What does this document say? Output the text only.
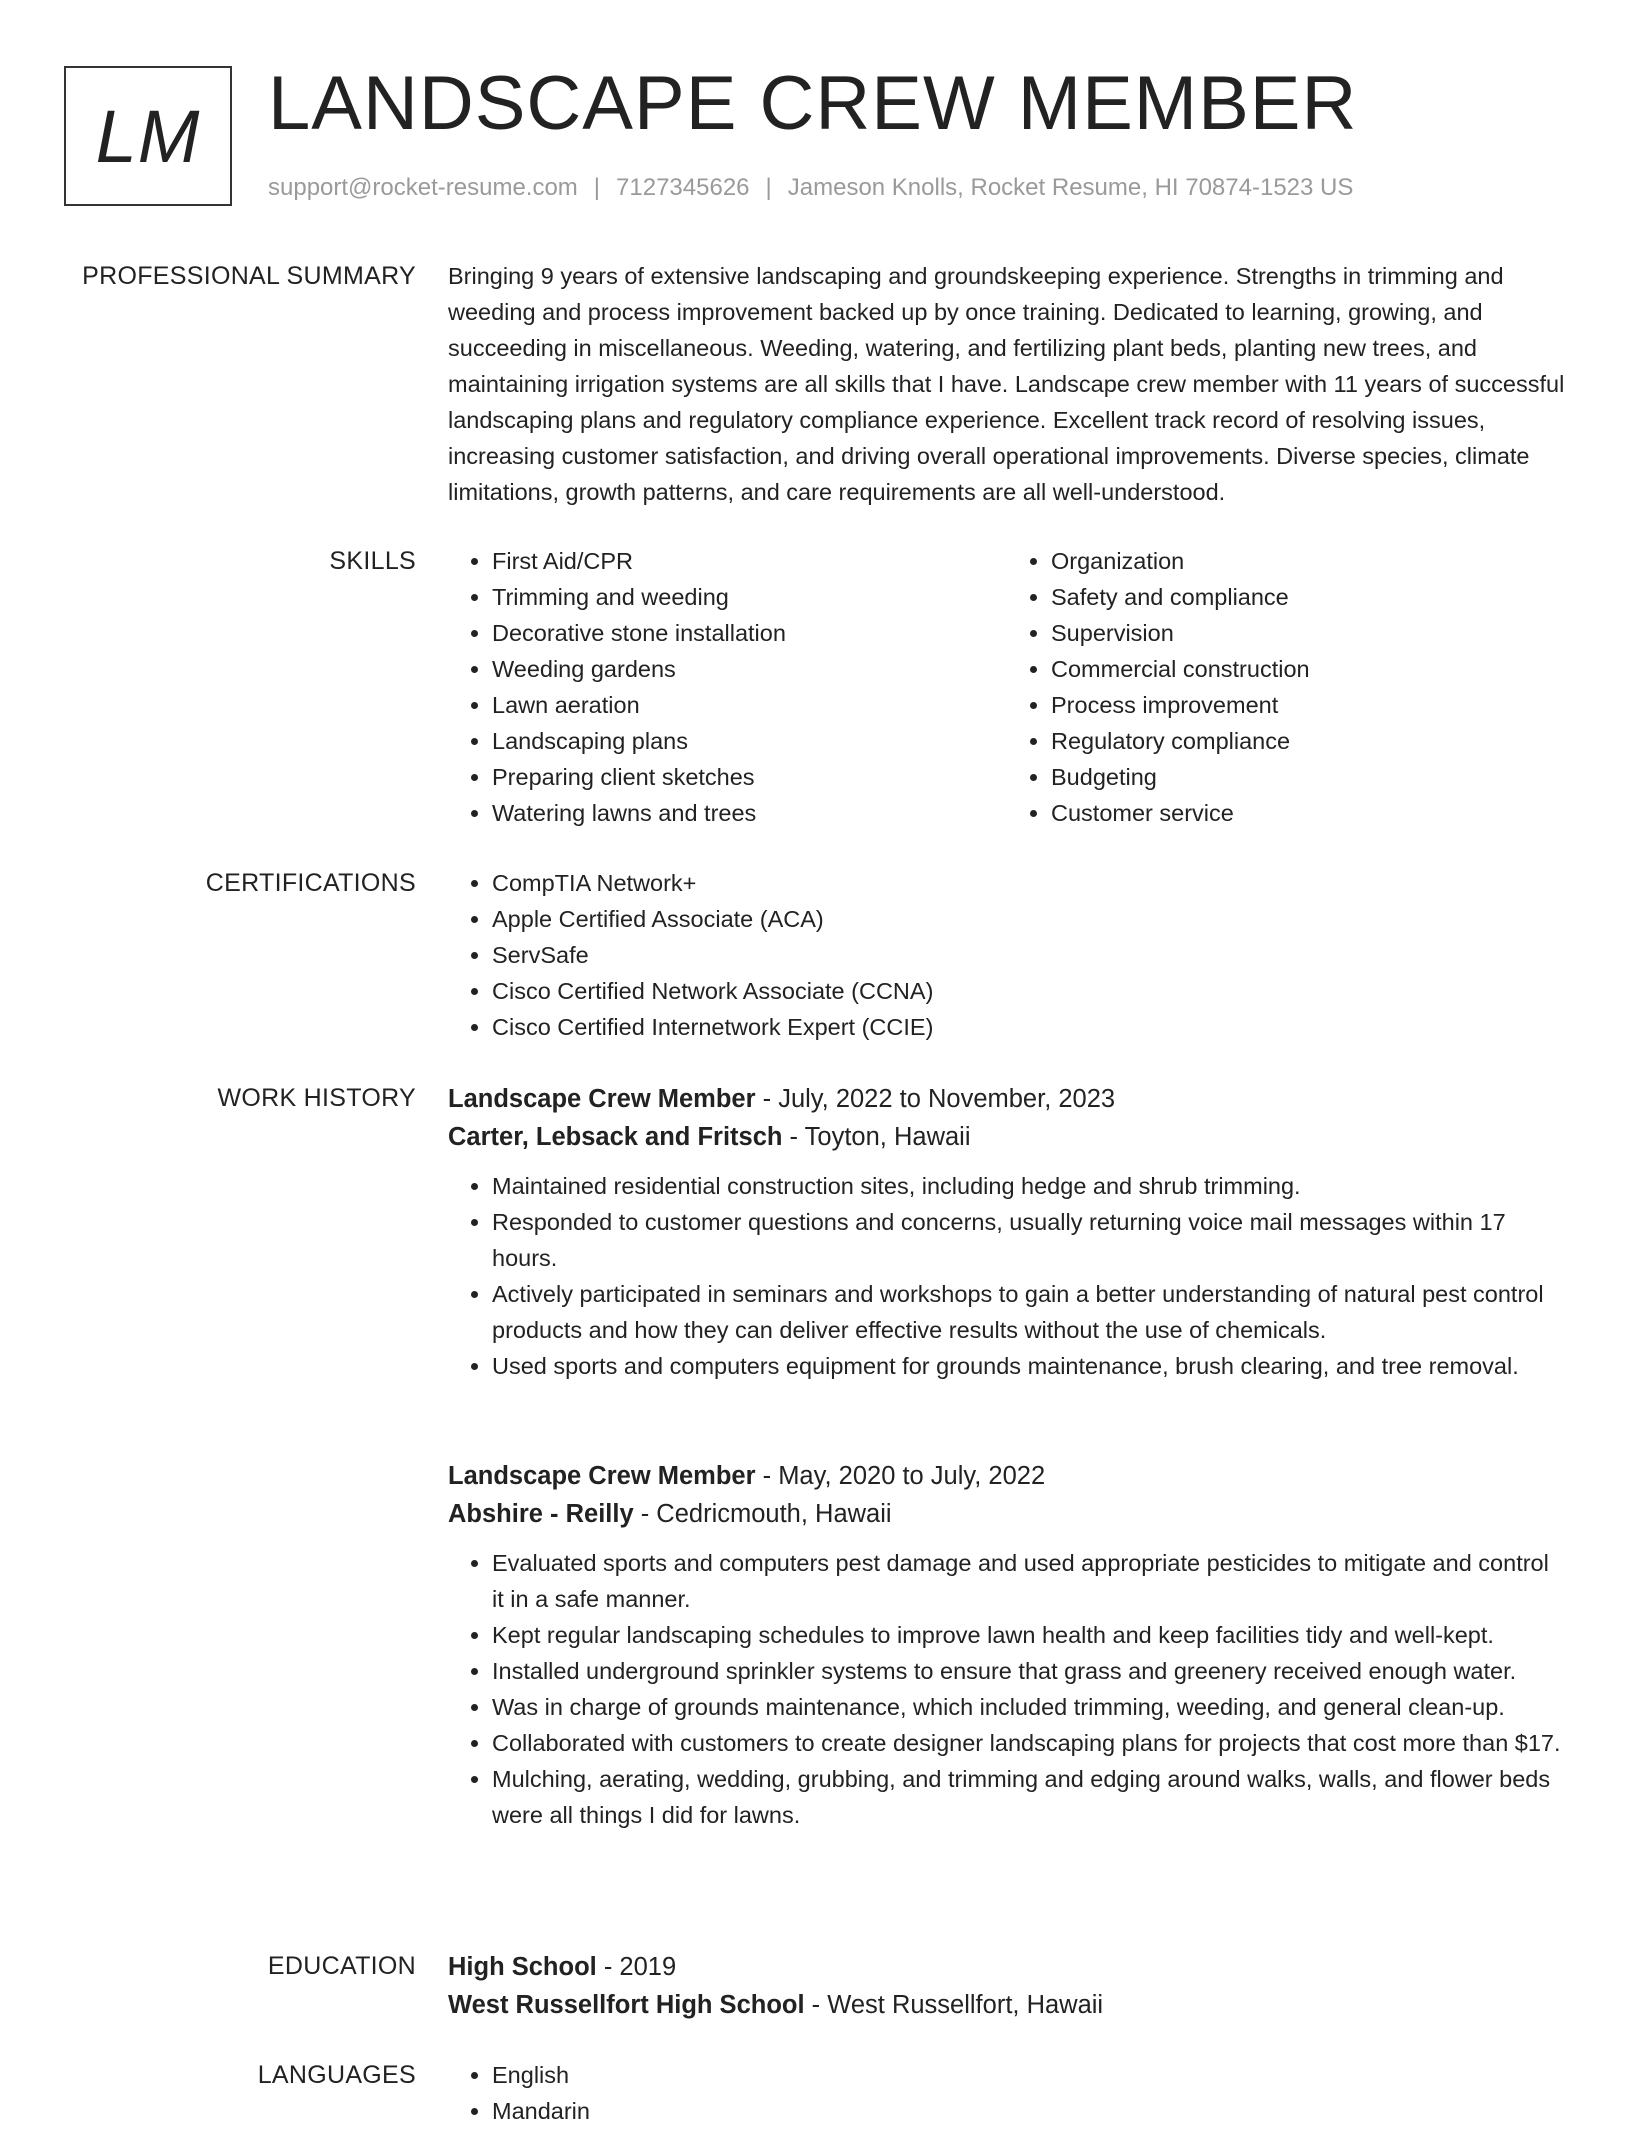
LM LANDSCAPE CREW MEMBER
support@rocket-resume.com | 7127345626 | Jameson Knolls, Rocket Resume, HI 70874-1523 US
PROFESSIONAL SUMMARY Bringing 9 years of extensive landscaping and groundskeeping experience. Strengths in trimming and weeding and process improvement backed up by once training. Dedicated to learning, growing, and succeeding in miscellaneous. Weeding, watering, and fertilizing plant beds, planting new trees, and maintaining irrigation systems are all skills that I have. Landscape crew member with 11 years of successful landscaping plans and regulatory compliance experience. Excellent track record of resolving issues, increasing customer satisfaction, and driving overall operational improvements. Diverse species, climate limitations, growth patterns, and care requirements are all well-understood.

SKILLS	• First Aid/CPR
• Trimming and weeding
• Decorative stone installation
• Weeding gardens
• Lawn aeration
• Landscaping plans
• Preparing client sketches
• Watering lawns and trees
• Organization
• Safety and compliance
• Supervision
• Commercial construction
• Process improvement
• Regulatory compliance
• Budgeting
• Customer service
CERTIFICATIONS	• CompTIA Network+
• Apple Certified Associate (ACA)
• ServSafe
• Cisco Certified Network Associate (CCNA)
• Cisco Certified Internetwork Expert (CCIE)
WORK HISTORY Landscape Crew Member - July, 2022 to November, 2023
Carter, Lebsack and Fritsch - Toyton, Hawaii
• Maintained residential construction sites, including hedge and shrub trimming.
• Responded to customer questions and concerns, usually returning voice mail messages within 17 hours.
• Actively participated in seminars and workshops to gain a better understanding of natural pest control products and how they can deliver effective results without the use of chemicals.
• Used sports and computers equipment for grounds maintenance, brush clearing, and tree removal.
Landscape Crew Member - May, 2020 to July, 2022
Abshire - Reilly - Cedricmouth, Hawaii
• Evaluated sports and computers pest damage and used appropriate pesticides to mitigate and control it in a safe manner.
• Kept regular landscaping schedules to improve lawn health and keep facilities tidy and well-kept.
• Installed underground sprinkler systems to ensure that grass and greenery received enough water.
• Was in charge of grounds maintenance, which included trimming, weeding, and general clean-up.
• Collaborated with customers to create designer landscaping plans for projects that cost more than $17.
• Mulching, aerating, wedding, grubbing, and trimming and edging around walks, walls, and flower beds were all things I did for lawns.
EDUCATION High School - 2019
West Russellfort High School - West Russellfort, Hawaii
LANGUAGES	• English
• Mandarin
